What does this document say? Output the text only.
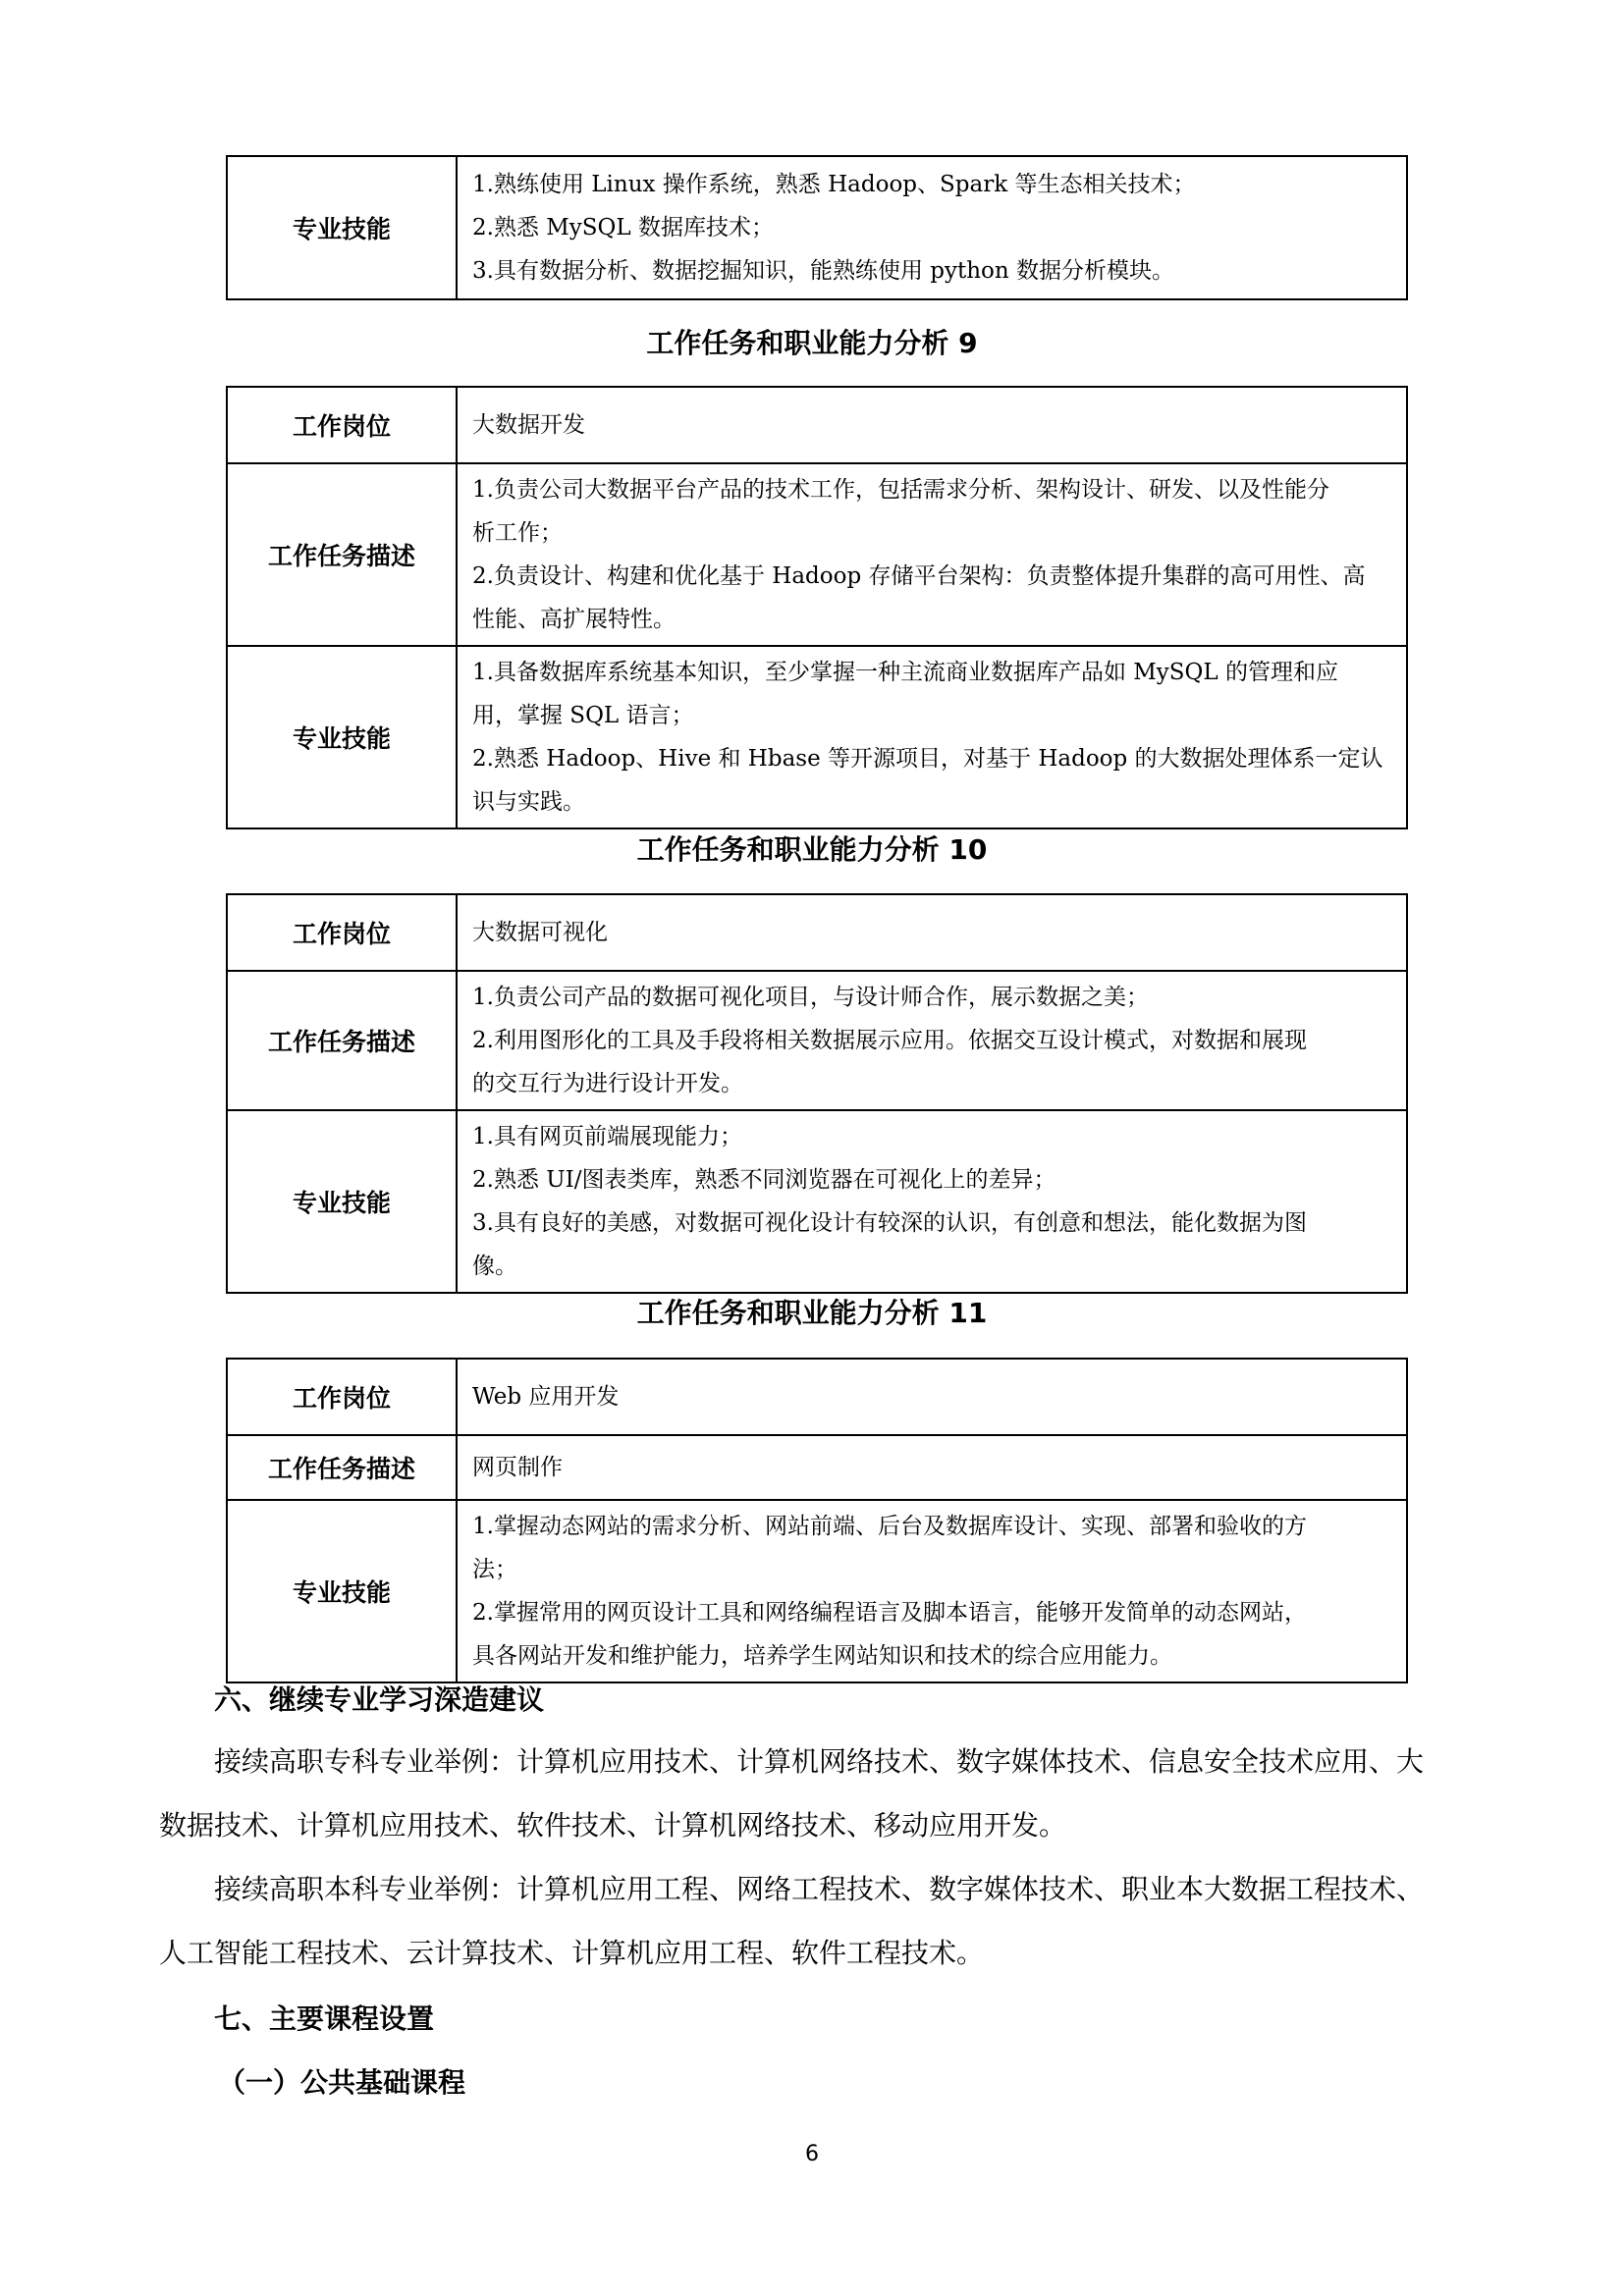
专业技能	
1.熟练使用 Linux 操作系统，熟悉 Hadoop、Spark 等生态相关技术；
2.熟悉 MySQL 数据库技术；
3.具有数据分析、数据挖掘知识，能熟练使用 python 数据分析模块。
工作任务和职业能力分析 9
工作岗位	大数据开发

工作任务描述	1.负责公司大数据平台产品的技术工作，包括需求分析、架构设计、研发、以及性能分
析工作；
2.负责设计、构建和优化基于 Hadoop 存储平台架构：负责整体提升集群的高可用性、高
性能、高扩展特性。

专业技能	1.具备数据库系统基本知识，至少掌握一种主流商业数据库产品如 MySQL 的管理和应
用，掌握 SQL 语言；
2.熟悉 Hadoop、Hive 和 Hbase 等开源项目，对基于 Hadoop 的大数据处理体系一定认
识与实践。
工作任务和职业能力分析 10
工作岗位	大数据可视化

工作任务描述	1.负责公司产品的数据可视化项目，与设计师合作，展示数据之美；
2.利用图形化的工具及手段将相关数据展示应用。依据交互设计模式，对数据和展现
的交互行为进行设计开发。

专业技能	1.具有网页前端展现能力；
2.熟悉 UI/图表类库，熟悉不同浏览器在可视化上的差异；
3.具有良好的美感，对数据可视化设计有较深的认识，有创意和想法，能化数据为图
像。
工作任务和职业能力分析 11
工作岗位	Web 应用开发

工作任务描述	网页制作

专业技能	1.掌握动态网站的需求分析、网站前端、后台及数据库设计、实现、部署和验收的方
法；
2.掌握常用的网页设计工具和网络编程语言及脚本语言，能够开发简单的动态网站，
具各网站开发和维护能力，培养学生网站知识和技术的综合应用能力。
六、继续专业学习深造建议
接续高职专科专业举例：计算机应用技术、计算机网络技术、数字媒体技术、信息安全技术应用、大
数据技术、计算机应用技术、软件技术、计算机网络技术、移动应用开发。
接续高职本科专业举例：计算机应用工程、网络工程技术、数字媒体技术、职业本大数据工程技术、
人工智能工程技术、云计算技术、计算机应用工程、软件工程技术。
七、主要课程设置
（一）公共基础课程
6
